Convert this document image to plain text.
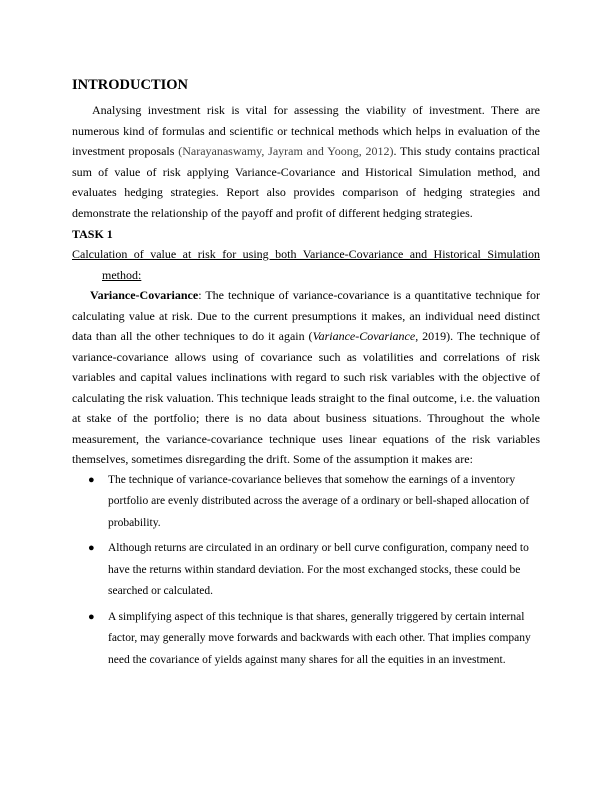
INTRODUCTION

Analysing investment risk is vital for assessing the viability of investment. There are numerous kind of formulas and scientific or technical methods which helps in evaluation of the investment proposals (Narayanaswamy, Jayram and Yoong, 2012). This study contains practical sum of value of risk applying Variance-Covariance and Historical Simulation method, and evaluates hedging strategies. Report also provides comparison of hedging strategies and demonstrate the relationship of the payoff and profit of different hedging strategies.

TASK 1

Calculation of value at risk for using both Variance-Covariance and Historical Simulation method:

Variance-Covariance: The technique of variance-covariance is a quantitative technique for calculating value at risk. Due to the current presumptions it makes, an individual need distinct data than all the other techniques to do it again (Variance-Covariance, 2019). The technique of variance-covariance allows using of covariance such as volatilities and correlations of risk variables and capital values inclinations with regard to such risk variables with the objective of calculating the risk valuation. This technique leads straight to the final outcome, i.e. the valuation at stake of the portfolio; there is no data about business situations. Throughout the whole measurement, the variance-covariance technique uses linear equations of the risk variables themselves, sometimes disregarding the drift. Some of the assumption it makes are:

● The technique of variance-covariance believes that somehow the earnings of a inventory portfolio are evenly distributed across the average of a ordinary or bell-shaped allocation of probability.
● Although returns are circulated in an ordinary or bell curve configuration, company need to have the returns within standard deviation. For the most exchanged stocks, these could be searched or calculated.
● A simplifying aspect of this technique is that shares, generally triggered by certain internal factor, may generally move forwards and backwards with each other. That implies company need the covariance of yields against many shares for all the equities in an investment.
